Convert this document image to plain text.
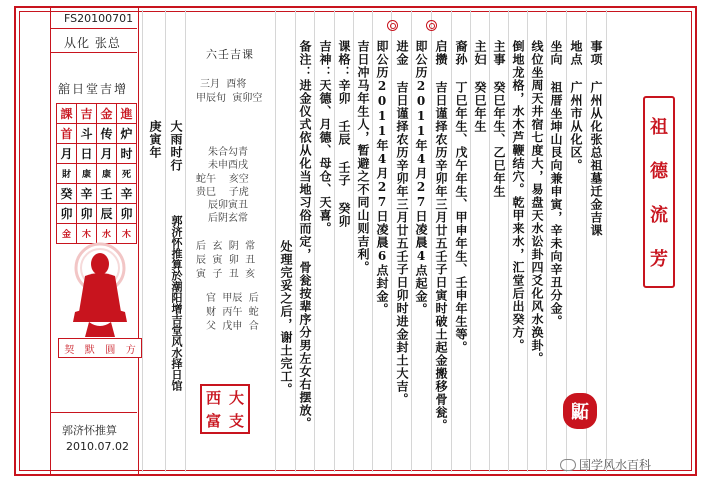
FS20100701
从化 张总
舘日堂吉增
課	吉	金	進
首	斗	传	炉
月	日	月	时
財	康	康	死
癸	辛	壬	辛
卯	卯	辰	卯
金	木	水	木
契 默 圓 方
郭济怀推算
2010.07.02
庚寅年 大雨时行
郭济怀推算於潮阳增吉堂风水择日馆
六壬吉课
三月  酉将
甲辰旬  寅卯空
朱合勾青
未申酉戌
蛇午    亥空
贵巳    子虎
辰卯寅丑
后阴玄常
后  玄  阴  常
辰  寅  卯  丑
寅  子  丑  亥
官  甲辰  后
财  丙午  蛇
父  戊申  合
西 大
富 支	备注：进金仪式依从化当地习俗而定，骨瓮按辈序分男左女右摆放。
处理完妥之后，谢土完工。
吉神：天德、月德、母仓、天喜。 课格：辛卯 壬辰 壬子 癸卯 吉日冲马年生人，暂避之不同山则吉利。 即公历2011年4月27日凌晨6点封金。 进金 吉日谨择农历辛卯年三月廿五壬子日卯时进金封土大吉。 即公历2011年4月27日凌晨4点起金。 启攒 吉日谨择农历辛卯年三月廿五壬子日寅时破土起金搬移骨瓮。 裔孙 丁巳年生、戊午年生、甲申年生、壬申年生等。 主妇 癸巳年生 主事 癸巳年生、乙巳年生 倒地龙格，水木芦鞭结穴。乾甲来水，汇堂后出癸方。 线位坐周天井宿七度大，易盘天水讼卦四爻化风水涣卦。 坐向 祖厝坐坤山艮向兼申寅，辛未向辛丑分金。 地点 广州市从化区。 事项 广州从化张总祖墓迁金吉课
鼫
祖
德
流
芳
国学风水百科
